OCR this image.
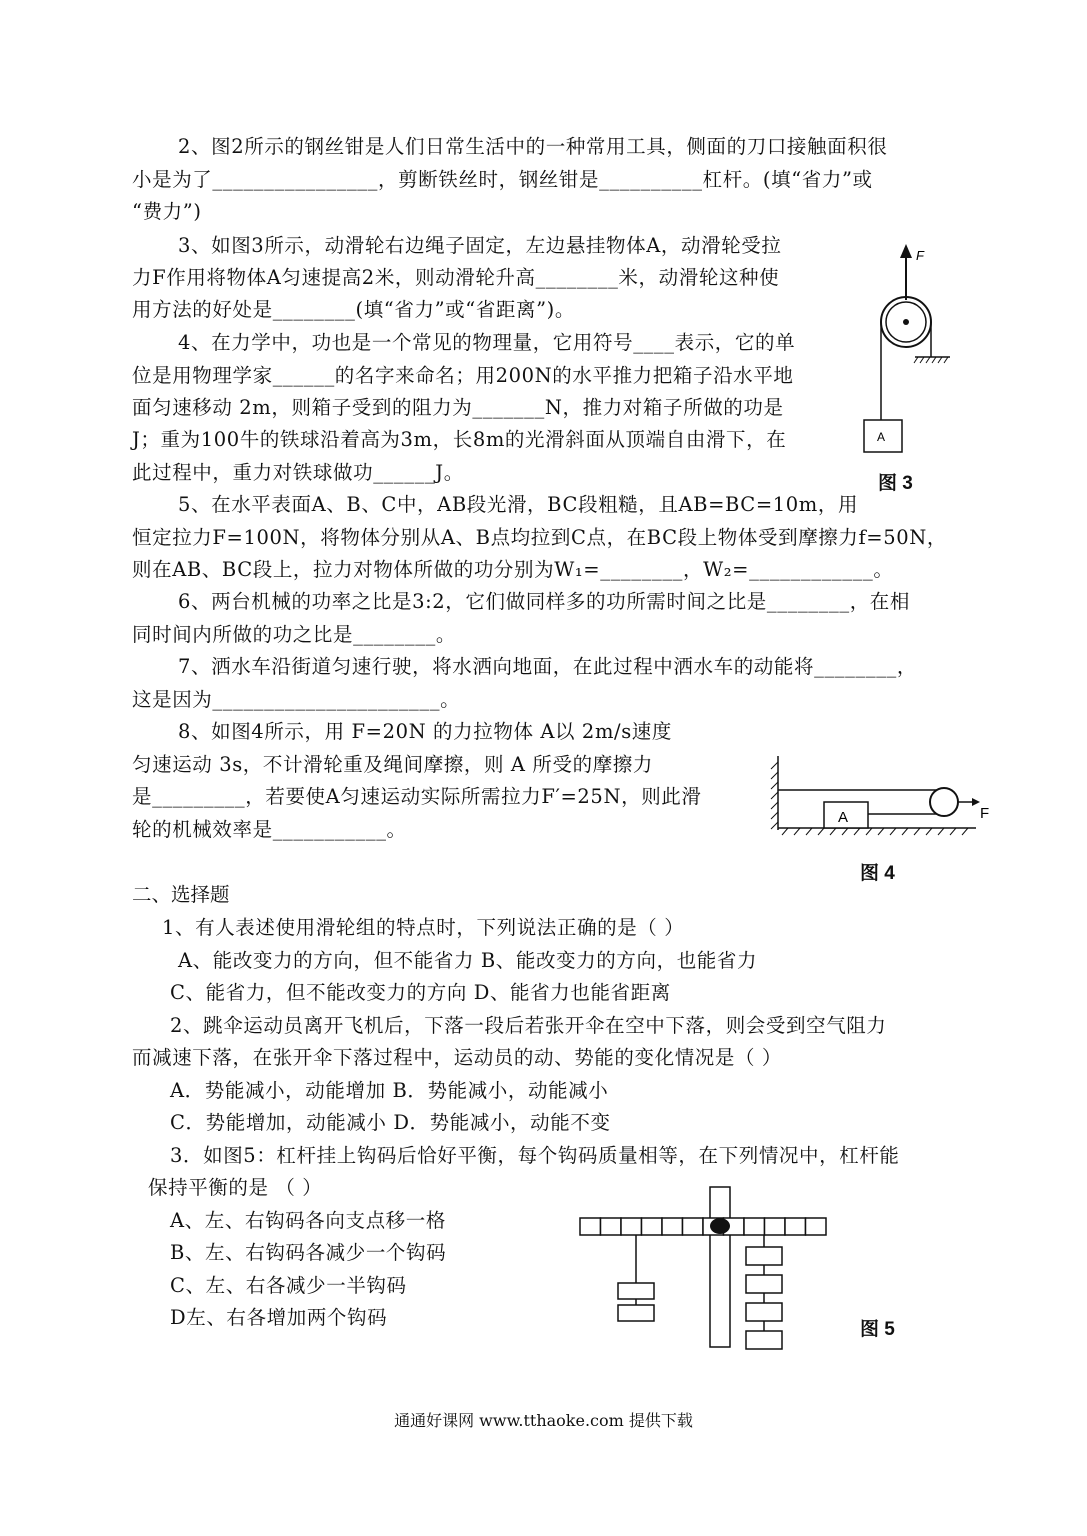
2、图2所示的钢丝钳是人们日常生活中的一种常用工具，侧面的刀口接触面积很
小是为了________________，剪断铁丝时，钢丝钳是__________杠杆。(填“省力”或
“费力”)
3、如图3所示，动滑轮右边绳子固定，左边悬挂物体A，动滑轮受拉
力F作用将物体A匀速提高2米，则动滑轮升高________米，动滑轮这种使
用方法的好处是________(填“省力”或“省距离”)。
4、在力学中，功也是一个常见的物理量，它用符号____表示，它的单
位是用物理学家______的名字来命名；用200N的水平推力把箱子沿水平地
面匀速移动 2m，则箱子受到的阻力为_______N，推力对箱子所做的功是
J；重为100牛的铁球沿着高为3m，长8m的光滑斜面从顶端自由滑下，在
此过程中，重力对铁球做功______J。
F
A
图 3
5、在水平表面A、B、C中，AB段光滑，BC段粗糙，且AB=BC=10m，用
恒定拉力F=100N，将物体分别从A、B点均拉到C点，在BC段上物体受到摩擦力f=50N，
则在AB、BC段上，拉力对物体所做的功分别为W₁=________，W₂=____________。
6、两台机械的功率之比是3:2，它们做同样多的功所需时间之比是________，在相
同时间内所做的功之比是________。
7、洒水车沿街道匀速行驶，将水洒向地面，在此过程中洒水车的动能将________，
这是因为______________________。
8、如图4所示，用 F=20N 的力拉物体 A以 2m/s速度
匀速运动 3s，不计滑轮重及绳间摩擦，则 A 所受的摩擦力
是_________，若要使A匀速运动实际所需拉力F′=25N，则此滑
轮的机械效率是___________。
F
A
图 4
二、选择题
1、有人表述使用滑轮组的特点时，下列说法正确的是（ ）
A、能改变力的方向，但不能省力 B、能改变力的方向，也能省力
C、能省力，但不能改变力的方向 D、能省力也能省距离
2、跳伞运动员离开飞机后，下落一段后若张开伞在空中下落，则会受到空气阻力
而减速下落，在张开伞下落过程中，运动员的动、势能的变化情况是（ ）
A．势能减小，动能增加 B．势能减小，动能减小
C．势能增加，动能减小 D．势能减小，动能不变
3．如图5：杠杆挂上钩码后恰好平衡，每个钩码质量相等，在下列情况中，杠杆能
保持平衡的是 （ ）
A、左、右钩码各向支点移一格
B、左、右钩码各减少一个钩码
C、左、右各减少一半钩码
D左、右各增加两个钩码
图 5
通通好课网 www.tthaoke.com 提供下载
